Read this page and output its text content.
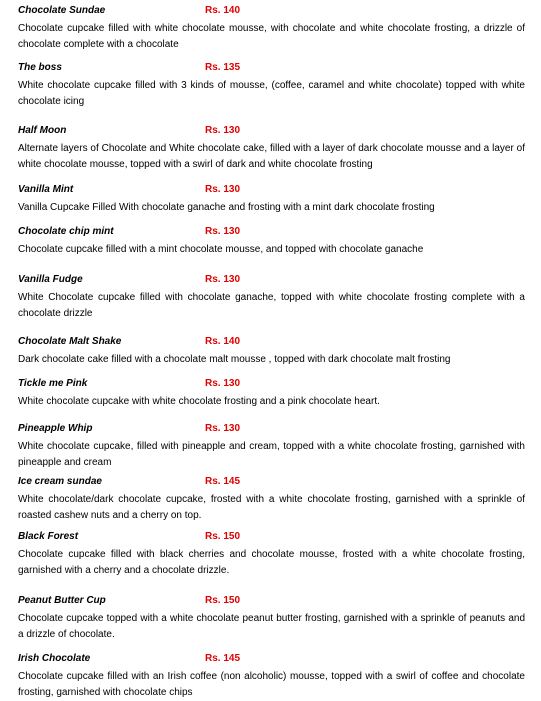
Chocolate Sundae	Rs. 140
Chocolate cupcake filled with white chocolate mousse, with chocolate and white chocolate frosting, a drizzle of chocolate complete with a chocolate
The boss	Rs. 135
White chocolate cupcake filled with 3 kinds of mousse, (coffee, caramel and white chocolate) topped with white chocolate icing
Half Moon	Rs. 130
Alternate layers of Chocolate and White chocolate cake, filled with a layer of dark chocolate mousse and a layer of white chocolate mousse, topped with a swirl of dark and white chocolate frosting
Vanilla Mint	Rs. 130
Vanilla Cupcake Filled With chocolate ganache and frosting with a mint dark chocolate frosting
Chocolate chip mint	Rs. 130
Chocolate cupcake filled with a mint chocolate mousse, and topped with chocolate ganache
Vanilla Fudge	Rs. 130
White Chocolate cupcake filled with chocolate ganache, topped with white chocolate frosting complete with a chocolate drizzle
Chocolate Malt Shake	Rs. 140
Dark chocolate cake filled with a chocolate malt mousse , topped with dark chocolate malt frosting
Tickle me Pink	Rs. 130
White chocolate cupcake with white chocolate frosting and a pink chocolate heart.
Pineapple Whip	Rs. 130
White chocolate cupcake, filled with pineapple and cream, topped with a white chocolate frosting, garnished with pineapple and cream
Ice cream sundae	Rs. 145
White chocolate/dark chocolate cupcake, frosted with a white chocolate frosting, garnished with a sprinkle of roasted cashew nuts and a cherry on top.
Black Forest	Rs. 150
Chocolate cupcake filled with black cherries and chocolate mousse, frosted with a white chocolate frosting, garnished with a cherry and a chocolate drizzle.
Peanut Butter Cup	Rs. 150
Chocolate cupcake topped with a white chocolate peanut butter frosting, garnished with a sprinkle of peanuts and a drizzle of chocolate.
Irish Chocolate	Rs. 145
Chocolate cupcake filled with an Irish coffee (non alcoholic) mousse, topped with a swirl of coffee and chocolate frosting, garnished with chocolate chips
